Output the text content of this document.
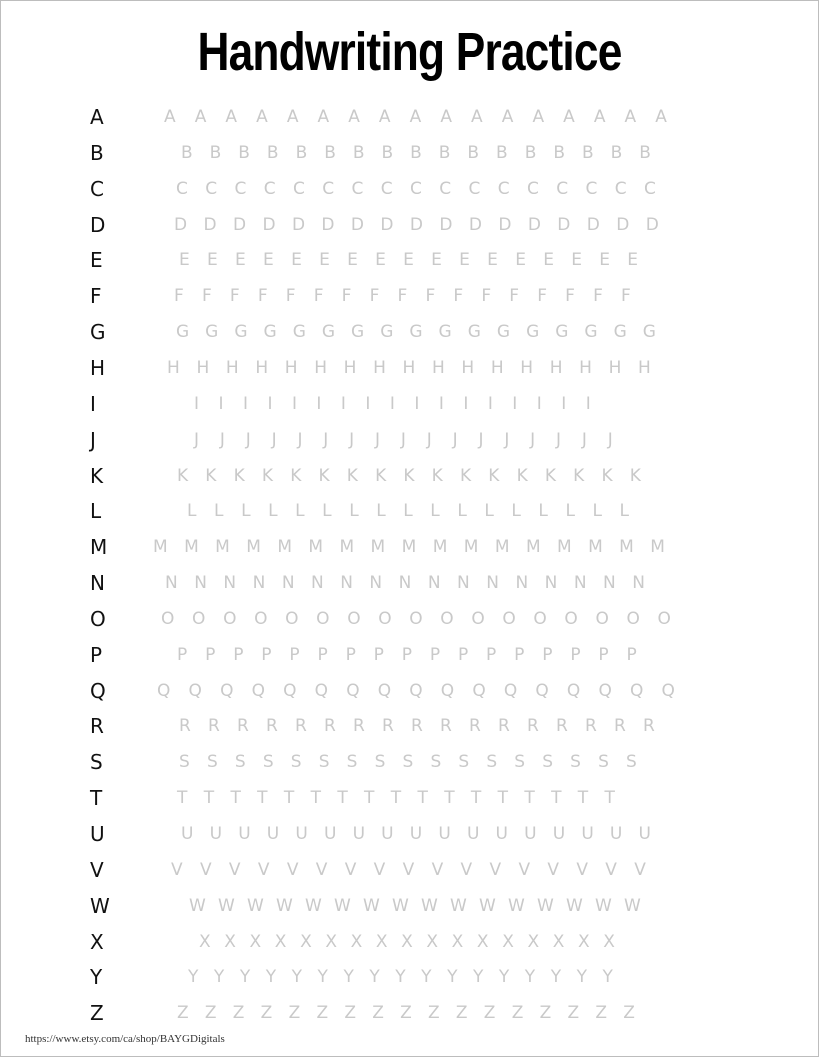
Handwriting Practice
A	A A A A A A A A A A A A A A A A A
B	B B B B B B B B B B B B B B B B B
C	C C C C C C C C C C C C C C C C C
D	D D D D D D D D D D D D D D D D D
E	E E E E E E E E E E E E E E E E E
F	F F F F F F F F F F F F F F F F F
G	G G G G G G G G G G G G G G G G G
H	H H H H H H H H H H H H H H H H H
I	I I I I I I I I I I I I I I I I I
J	J J J J J J J J J J J J J J J J J
K	K K K K K K K K K K K K K K K K K
L	L L L L L L L L L L L L L L L L L
M	M M M M M M M M M M M M M M M M M
N	N N N N N N N N N N N N N N N N N
O	O O O O O O O O O O O O O O O O O
P	P P P P P P P P P P P P P P P P P
Q	Q Q Q Q Q Q Q Q Q Q Q Q Q Q Q Q Q
R	R R R R R R R R R R R R R R R R R
S	S S S S S S S S S S S S S S S S S
T	T T T T T T T T T T T T T T T T T
U	U U U U U U U U U U U U U U U U U
V	V V V V V V V V V V V V V V V V V
W	W W W W W W W W W W W W W W W W
X	X X X X X X X X X X X X X X X X X
Y	Y Y Y Y Y Y Y Y Y Y Y Y Y Y Y Y Y
Z	Z Z Z Z Z Z Z Z Z Z Z Z Z Z Z Z Z
https://www.etsy.com/ca/shop/BAYGDigitals
